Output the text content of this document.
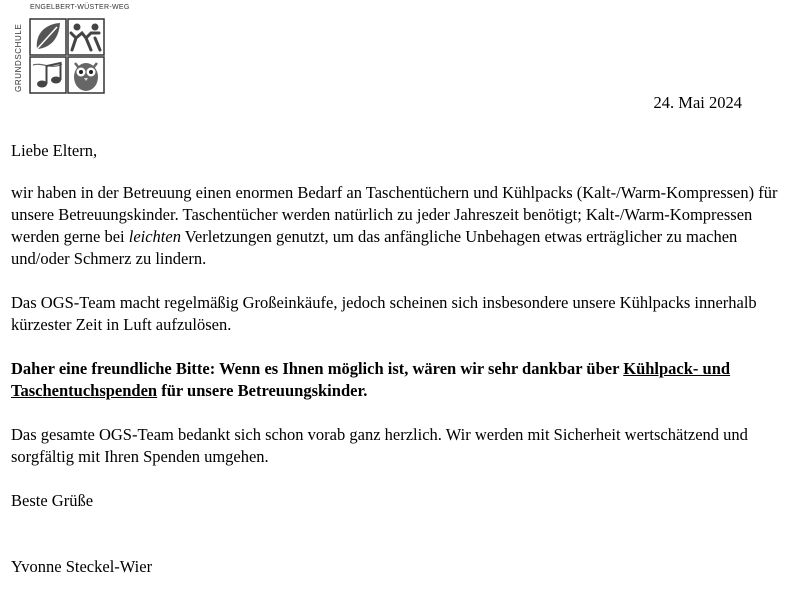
ENGELBERT-WÜSTER-WEG
GRUNDSCHULE
24. Mai 2024

Liebe Eltern,

wir haben in der Betreuung einen enormen Bedarf an Taschentüchern und Kühlpacks (Kalt-/Warm-Kompressen) für unsere Betreuungskinder. Taschentücher werden natürlich zu jeder Jahreszeit benötigt; Kalt-/Warm-Kompressen werden gerne bei leichten Verletzungen genutzt, um das anfängliche Unbehagen etwas erträglicher zu machen und/oder Schmerz zu lindern.

Das OGS-Team macht regelmäßig Großeinkäufe, jedoch scheinen sich insbesondere unsere Kühlpacks innerhalb kürzester Zeit in Luft aufzulösen.

Daher eine freundliche Bitte: Wenn es Ihnen möglich ist, wären wir sehr dankbar über Kühlpack- und Taschentuchspenden für unsere Betreuungskinder.

Das gesamte OGS-Team bedankt sich schon vorab ganz herzlich. Wir werden mit Sicherheit wertschätzend und sorgfältig mit Ihren Spenden umgehen.

Beste Grüße

Yvonne Steckel-Wier
